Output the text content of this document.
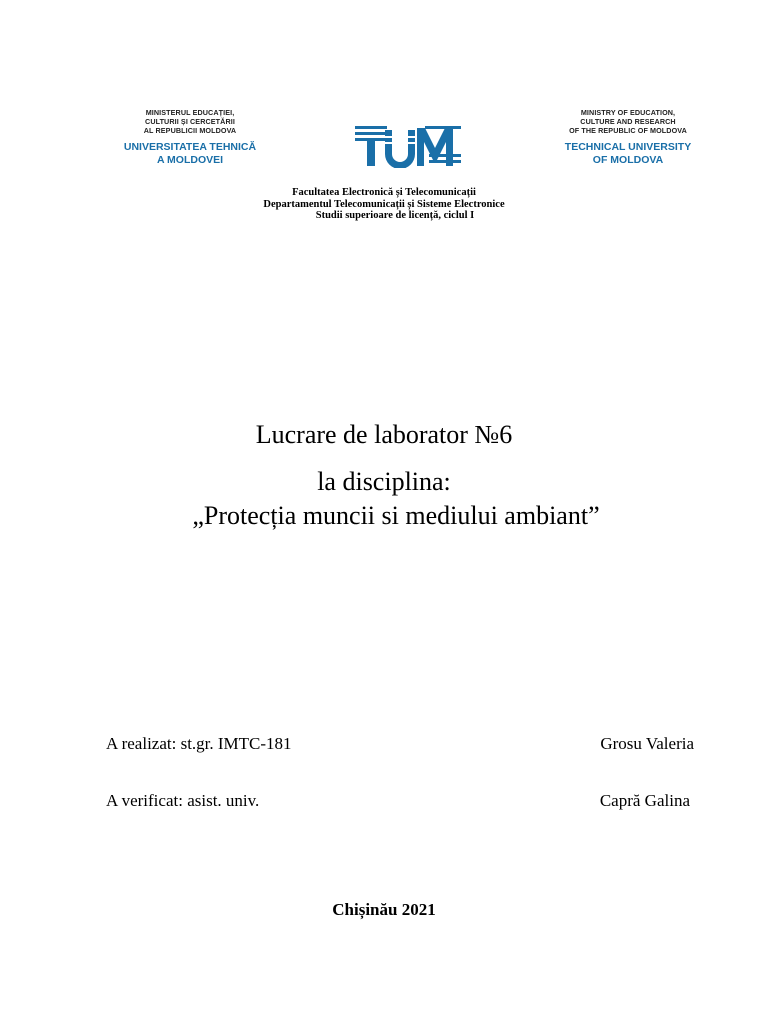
MINISTERUL EDUCAȚIEI,
CULTURII ȘI CERCETĂRII
AL REPUBLICII MOLDOVA
UNIVERSITATEA TEHNICĂ
A MOLDOVEI
MINISTRY OF EDUCATION,
CULTURE AND RESEARCH
OF THE REPUBLIC OF MOLDOVA
TECHNICAL UNIVERSITY
OF MOLDOVA
Facultatea Electronică și Telecomunicații
Departamentul Telecomunicații și Sisteme Electronice
Studii superioare de licență, ciclul I
Lucrare de laborator №6
la disciplina:
„Protecția muncii si mediului ambiant”
A realizat: st.gr. IMTC-181	Grosu Valeria
A verificat: asist. univ.	Capră Galina
Chișinău 2021
